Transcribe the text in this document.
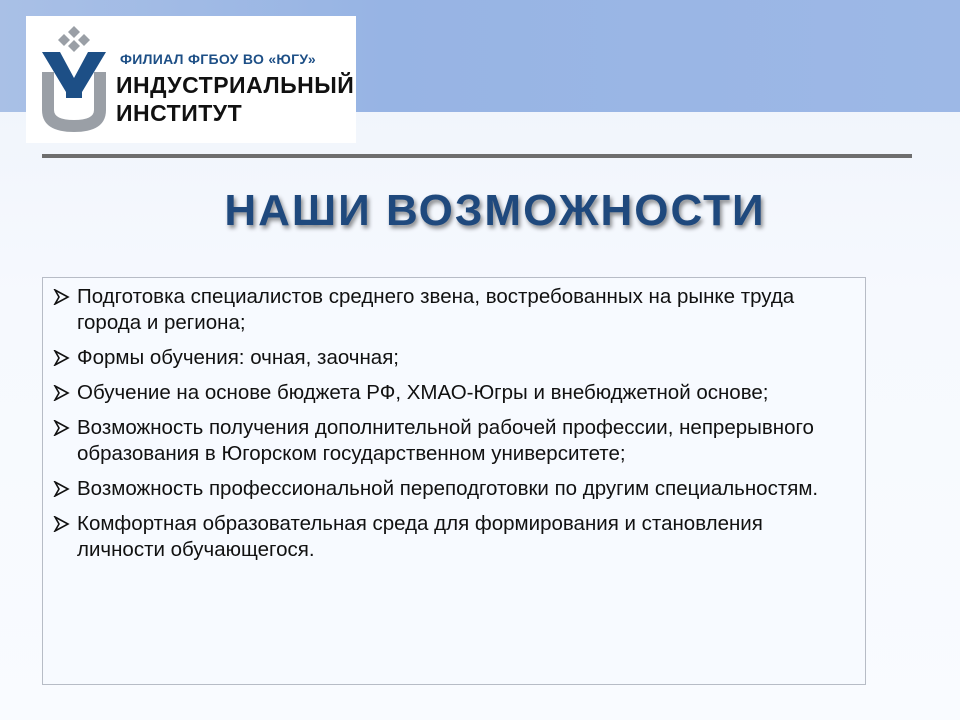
ФИЛИАЛ ФГБОУ ВО «ЮГУ»
ИНДУСТРИАЛЬНЫЙ
ИНСТИТУТ
НАШИ ВОЗМОЖНОСТИ
Подготовка специалистов среднего звена, востребованных на рынке труда города и региона;
Формы обучения: очная, заочная;
Обучение на основе бюджета РФ, ХМАО-Югры и внебюджетной основе;
Возможность получения дополнительной рабочей профессии, непрерывного образования в Югорском государственном университете;
Возможность профессиональной переподготовки по другим специальностям.
Комфортная образовательная среда для формирования и становления личности обучающегося.
